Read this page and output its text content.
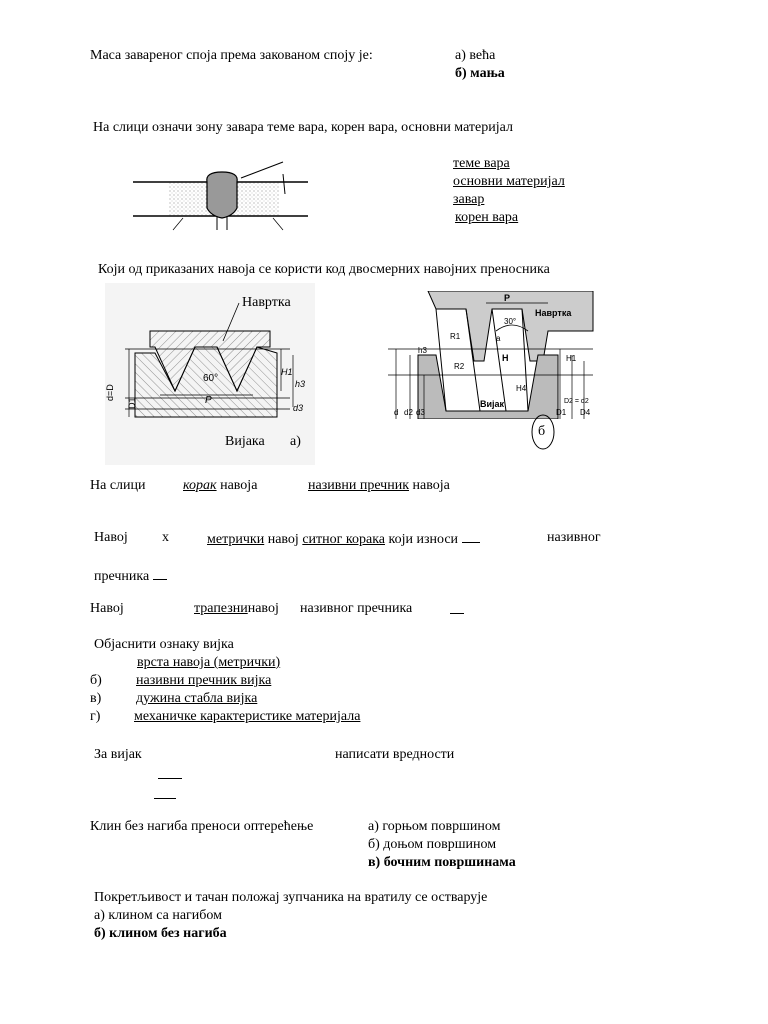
Маса завареног споја према закованом споју је:	а) већа
б) мања
На слици означи зону завара теме вара, корен вара, основни материјал
теме вара
основни материјал
завар
корен вара
Који од приказаних навоја се користи код двосмерних навојних преносника
d=D
D1
60°
P
H1
h3
d3
Навртка
Вијака а)
P
Навртка
30°
R1
R2
a
H	H1
h3
H4
Вијак
d d2 d3	D1
D2 = d2
D4
б
На слици	корак навоја	називни пречник навоја
Навој x	метрички навој ситног корака који износи	називног
пречника
Навој	трапезнинавој називног пречника
Објаснити ознаку вијка
врста навоја (метрички)
б) називни пречник вијка
в) дужина стабла вијка
г) механичке карактеристике материјала
За вијак	написати вредности
Клин без нагиба преноси оптерећење	а) горњом површином
б) доњом површином
в) бочним површинама
Покретљивост и тачан положај зупчаника на вратилу се остварује
а) клином са нагибом
б) клином без нагиба
